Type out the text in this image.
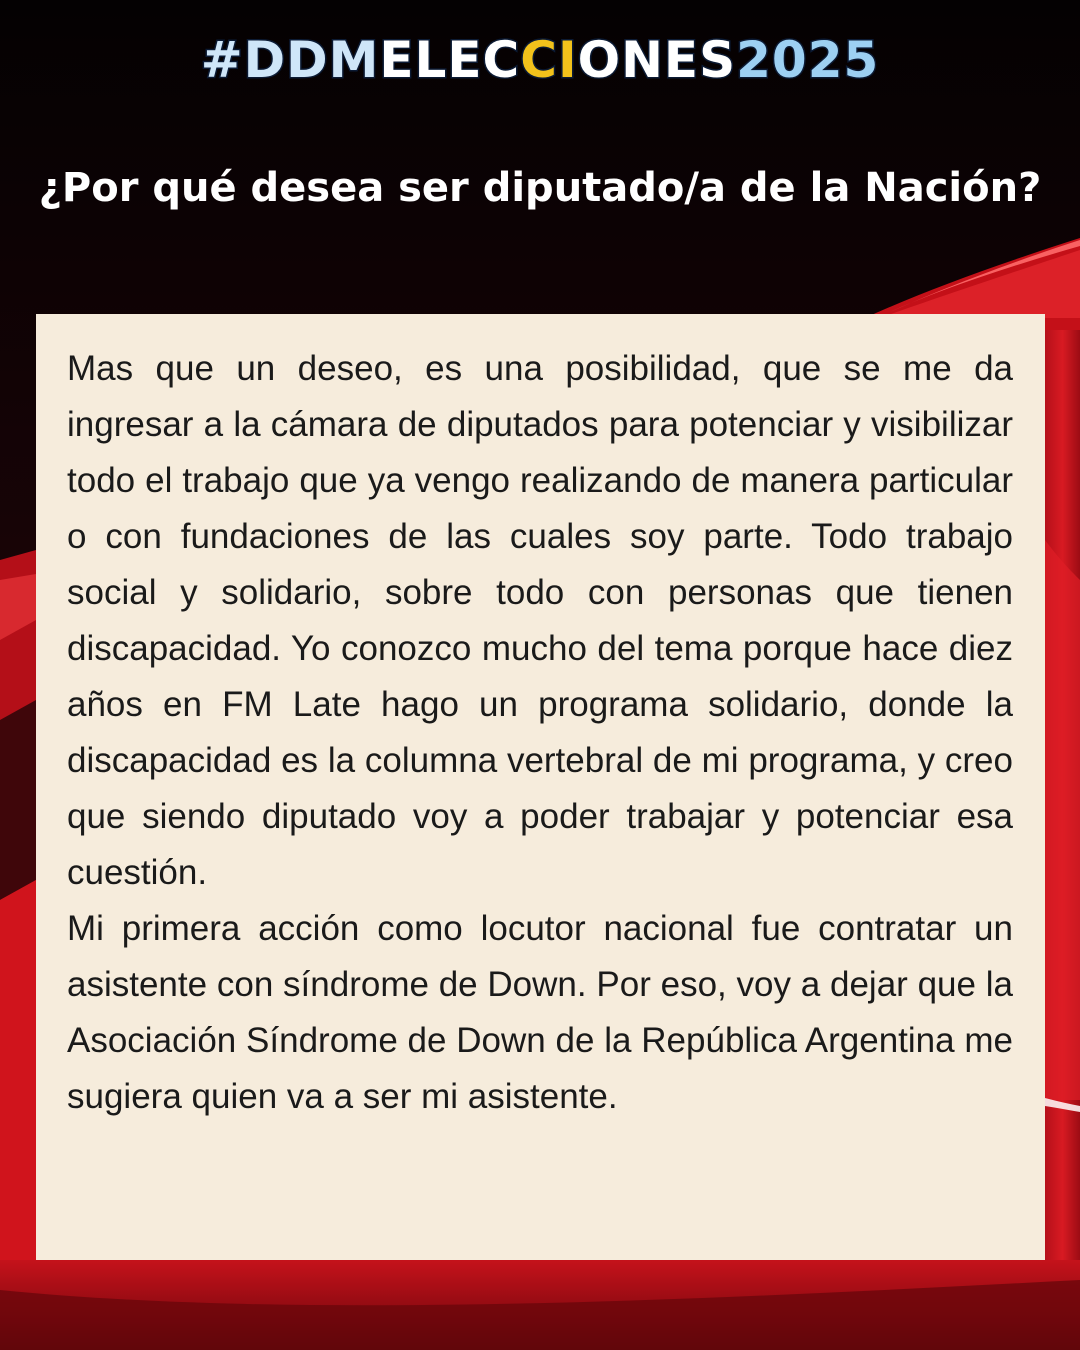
#DDMELECCIONES2025
¿Por qué desea ser diputado/a de la Nación?

Mas que un deseo, es una posibilidad, que se me da ingresar a la cámara de diputados para potenciar y visibilizar todo el trabajo que ya vengo realizando de manera particular o con fundaciones de las cuales soy parte. Todo trabajo social y solidario, sobre todo con personas que tienen discapacidad. Yo conozco mucho del tema porque hace diez años en FM Late hago un programa solidario, donde la discapacidad es la columna vertebral de mi programa, y creo que siendo diputado voy a poder trabajar y potenciar esa cuestión.

Mi primera acción como locutor nacional fue contratar un asistente con síndrome de Down. Por eso, voy a dejar que la Asociación Síndrome de Down de la República Argentina me sugiera quien va a ser mi asistente.
